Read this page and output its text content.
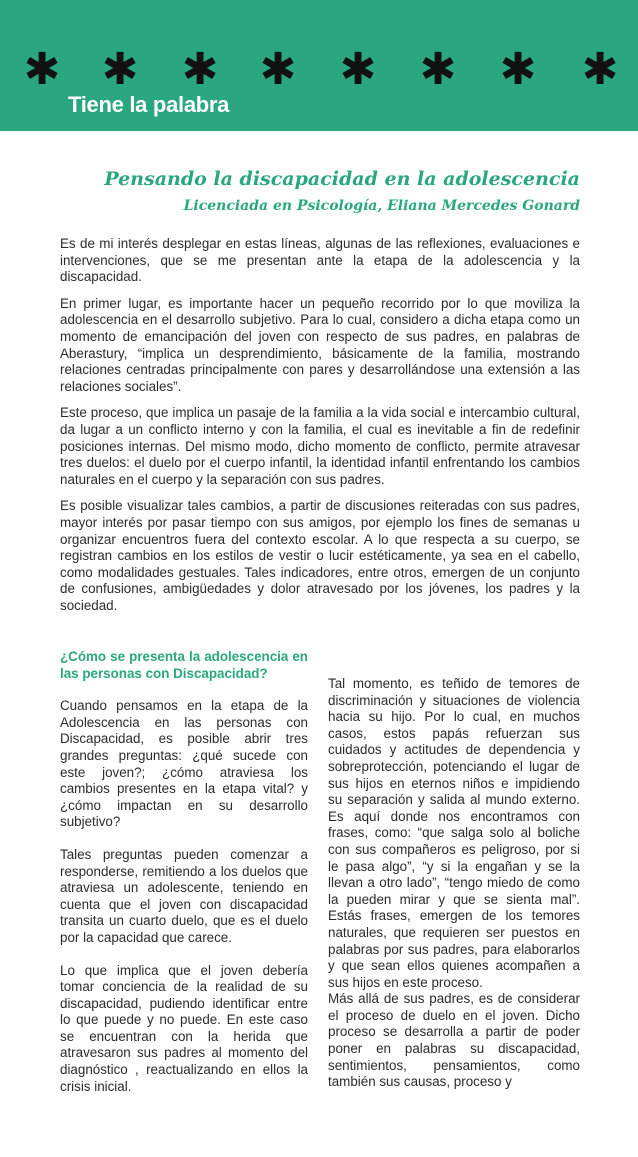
✱ ✱ ✱ ✱ ✱ ✱ ✱ ✱
Tiene la palabra
Pensando la discapacidad en la adolescencia
Licenciada en Psicología, Eliana Mercedes Gonard

Es de mi interés desplegar en estas líneas, algunas de las reflexiones, evaluaciones e intervenciones, que se me presentan ante la etapa de la adolescencia y la discapacidad.

En primer lugar, es importante hacer un pequeño recorrido por lo que moviliza la adolescencia en el desarrollo subjetivo. Para lo cual, considero a dicha etapa como un momento de emancipación del joven con respecto de sus padres, en palabras de Aberastury, “implica un desprendimiento, básicamente de la familia, mostrando relaciones centradas principalmente con pares y desarrollándose una extensión a las relaciones sociales”.

Este proceso, que implica un pasaje de la familia a la vida social e intercambio cultural, da lugar a un conflicto interno y con la familia, el cual es inevitable a fin de redefinir posiciones internas. Del mismo modo, dicho momento de conflicto, permite atravesar tres duelos: el duelo por el cuerpo infantil, la identidad infantil enfrentando los cambios naturales en el cuerpo y la separación con sus padres.

Es posible visualizar tales cambios, a partir de discusiones reiteradas con sus padres, mayor interés por pasar tiempo con sus amigos, por ejemplo los fines de semanas u organizar encuentros fuera del contexto escolar. A lo que respecta a su cuerpo, se registran cambios en los estilos de vestir o lucir estéticamente, ya sea en el cabello, como modalidades gestuales. Tales indicadores, entre otros, emergen de un conjunto de confusiones, ambigüedades y dolor atravesado por los jóvenes, los padres y la sociedad.

¿Cómo se presenta la adolescencia en las personas con Discapacidad?

Cuando pensamos en la etapa de la Adolescencia en las personas con Discapacidad, es posible abrir tres grandes preguntas: ¿qué sucede con este joven?; ¿cómo atraviesa los cambios presentes en la etapa vital? y ¿cómo impactan en su desarrollo subjetivo?

Tales preguntas pueden comenzar a responderse, remitiendo a los duelos que atraviesa un adolescente, teniendo en cuenta que el joven con discapacidad transita un cuarto duelo, que es el duelo por la capacidad que carece.

Lo que implica que el joven debería tomar conciencia de la realidad de su discapacidad, pudiendo identificar entre lo que puede y no puede. En este caso se encuentran con la herida que atravesaron sus padres al momento del diagnóstico , reactualizando en ellos la crisis inicial.

Tal momento, es teñido de temores de discriminación y situaciones de violencia hacia su hijo. Por lo cual, en muchos casos, estos papás refuerzan sus cuidados y actitudes de dependencia y sobreprotección, potenciando el lugar de sus hijos en eternos niños e impidiendo su separación y salida al mundo externo. Es aquí donde nos encontramos con frases, como: “que salga solo al boliche con sus compañeros es peligroso, por si le pasa algo”, “y si la engañan y se la llevan a otro lado”, “tengo miedo de como la pueden mirar y que se sienta mal”. Estás frases, emergen de los temores naturales, que requieren ser puestos en palabras por sus padres, para elaborarlos y que sean ellos quienes acompañen a sus hijos en este proceso.

Más allá de sus padres, es de considerar el proceso de duelo en el joven. Dicho proceso se desarrolla a partir de poder poner en palabras su discapacidad, sentimientos, pensamientos, como también sus causas, proceso y
